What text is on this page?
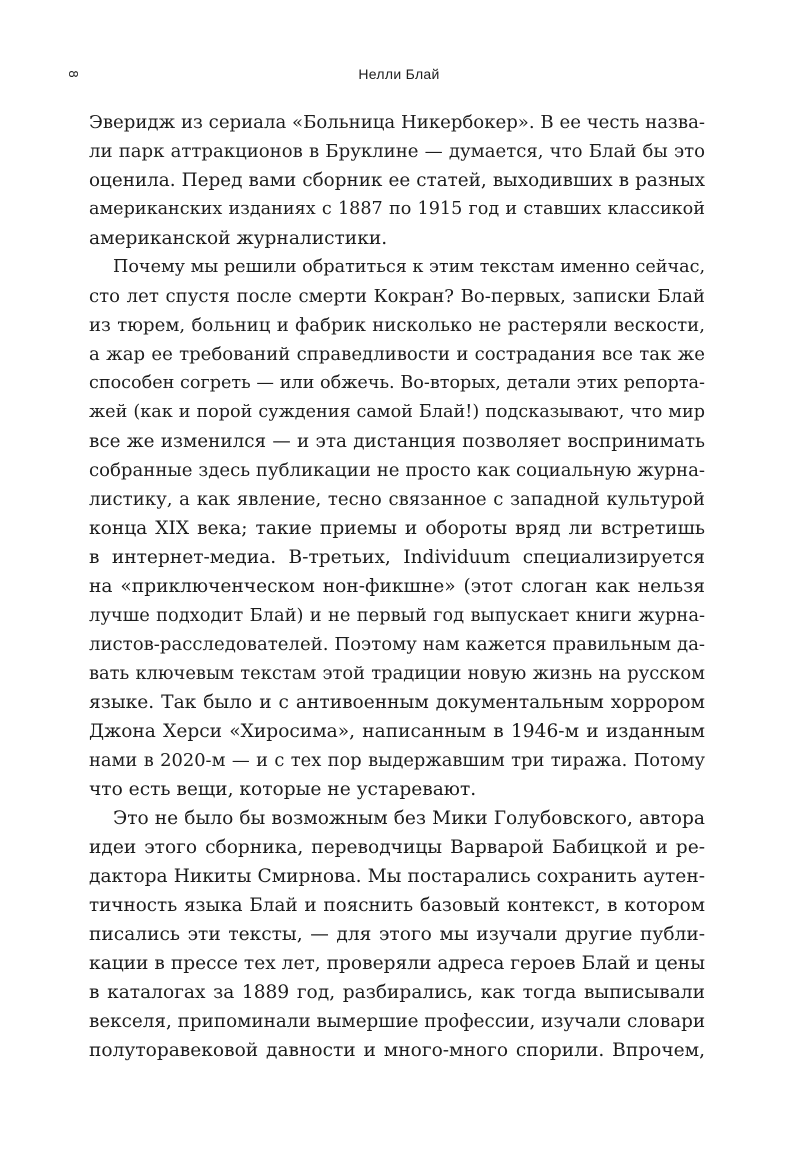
8	Нелли Блай
Эверидж из сериала «Больница Никербокер». В ее честь назва-
ли парк аттракционов в Бруклине — думается, что Блай бы это
оценила. Перед вами сборник ее статей, выходивших в разных
американских изданиях с 1887 по 1915 год и ставших классикой
американской журналистики.
Почему мы решили обратиться к этим текстам именно сейчас,
сто лет спустя после смерти Кокран? Во-первых, записки Блай
из тюрем, больниц и фабрик нисколько не растеряли вескости,
а жар ее требований справедливости и сострадания все так же
способен согреть — или обжечь. Во-вторых, детали этих репорта-
жей (как и порой суждения самой Блай!) подсказывают, что мир
все же изменился — и эта дистанция позволяет воспринимать
собранные здесь публикации не просто как социальную журна-
листику, а как явление, тесно связанное с западной культурой
конца XIX века; такие приемы и обороты вряд ли встретишь
в интернет-медиа. В-третьих, Individuum специализируется
на «приключенческом нон-фикшне» (этот слоган как нельзя
лучше подходит Блай) и не первый год выпускает книги журна-
листов-расследователей. Поэтому нам кажется правильным да-
вать ключевым текстам этой традиции новую жизнь на русском
языке. Так было и с антивоенным документальным хоррором
Джона Херси «Хиросима», написанным в 1946-м и изданным
нами в 2020-м — и с тех пор выдержавшим три тиража. Потому
что есть вещи, которые не устаревают.
Это не было бы возможным без Мики Голубовского, автора
идеи этого сборника, переводчицы Варварой Бабицкой и ре-
дактора Никиты Смирнова. Мы постарались сохранить аутен-
тичность языка Блай и пояснить базовый контекст, в котором
писались эти тексты, — для этого мы изучали другие публи-
кации в прессе тех лет, проверяли адреса героев Блай и цены
в каталогах за 1889 год, разбирались, как тогда выписывали
векселя, припоминали вымершие профессии, изучали словари
полуторавековой давности и много-много спорили. Впрочем,
